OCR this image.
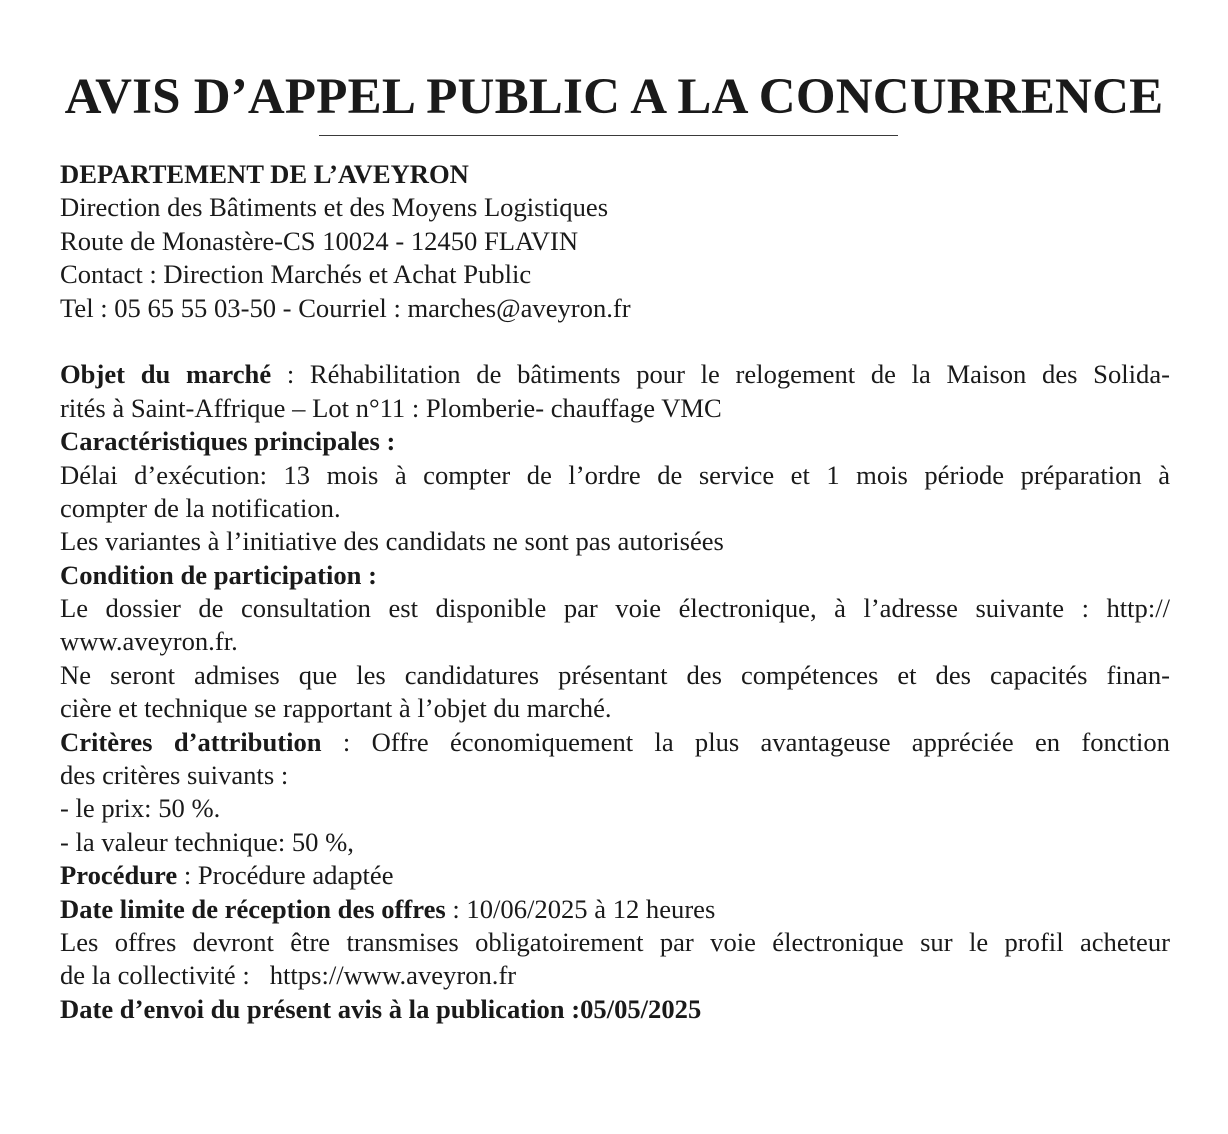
AVIS D’APPEL PUBLIC A LA CONCURRENCE
DEPARTEMENT DE L’AVEYRON
Direction des Bâtiments et des Moyens Logistiques
Route de Monastère-CS 10024 - 12450 FLAVIN
Contact : Direction Marchés et Achat Public
Tel : 05 65 55 03-50 - Courriel : marches@aveyron.fr
Objet du marché : Réhabilitation de bâtiments pour le relogement de la Maison des Solida-
rités à Saint-Affrique – Lot n°11 : Plomberie- chauffage VMC
Caractéristiques principales :
Délai d’exécution: 13 mois à compter de l’ordre de service et 1 mois période préparation à
compter de la notification.
Les variantes à l’initiative des candidats ne sont pas autorisées
Condition de participation :
Le dossier de consultation est disponible par voie électronique, à l’adresse suivante : http://
www.aveyron.fr.
Ne seront admises que les candidatures présentant des compétences et des capacités finan-
cière et technique se rapportant à l’objet du marché.
Critères d’attribution : Offre économiquement la plus avantageuse appréciée en fonction
des critères suivants :
- le prix: 50 %.
- la valeur technique: 50 %,
Procédure : Procédure adaptée
Date limite de réception des offres : 10/06/2025 à 12 heures
Les offres devront être transmises obligatoirement par voie électronique sur le profil acheteur
de la collectivité :   https://www.aveyron.fr
Date d’envoi du présent avis à la publication :05/05/2025
